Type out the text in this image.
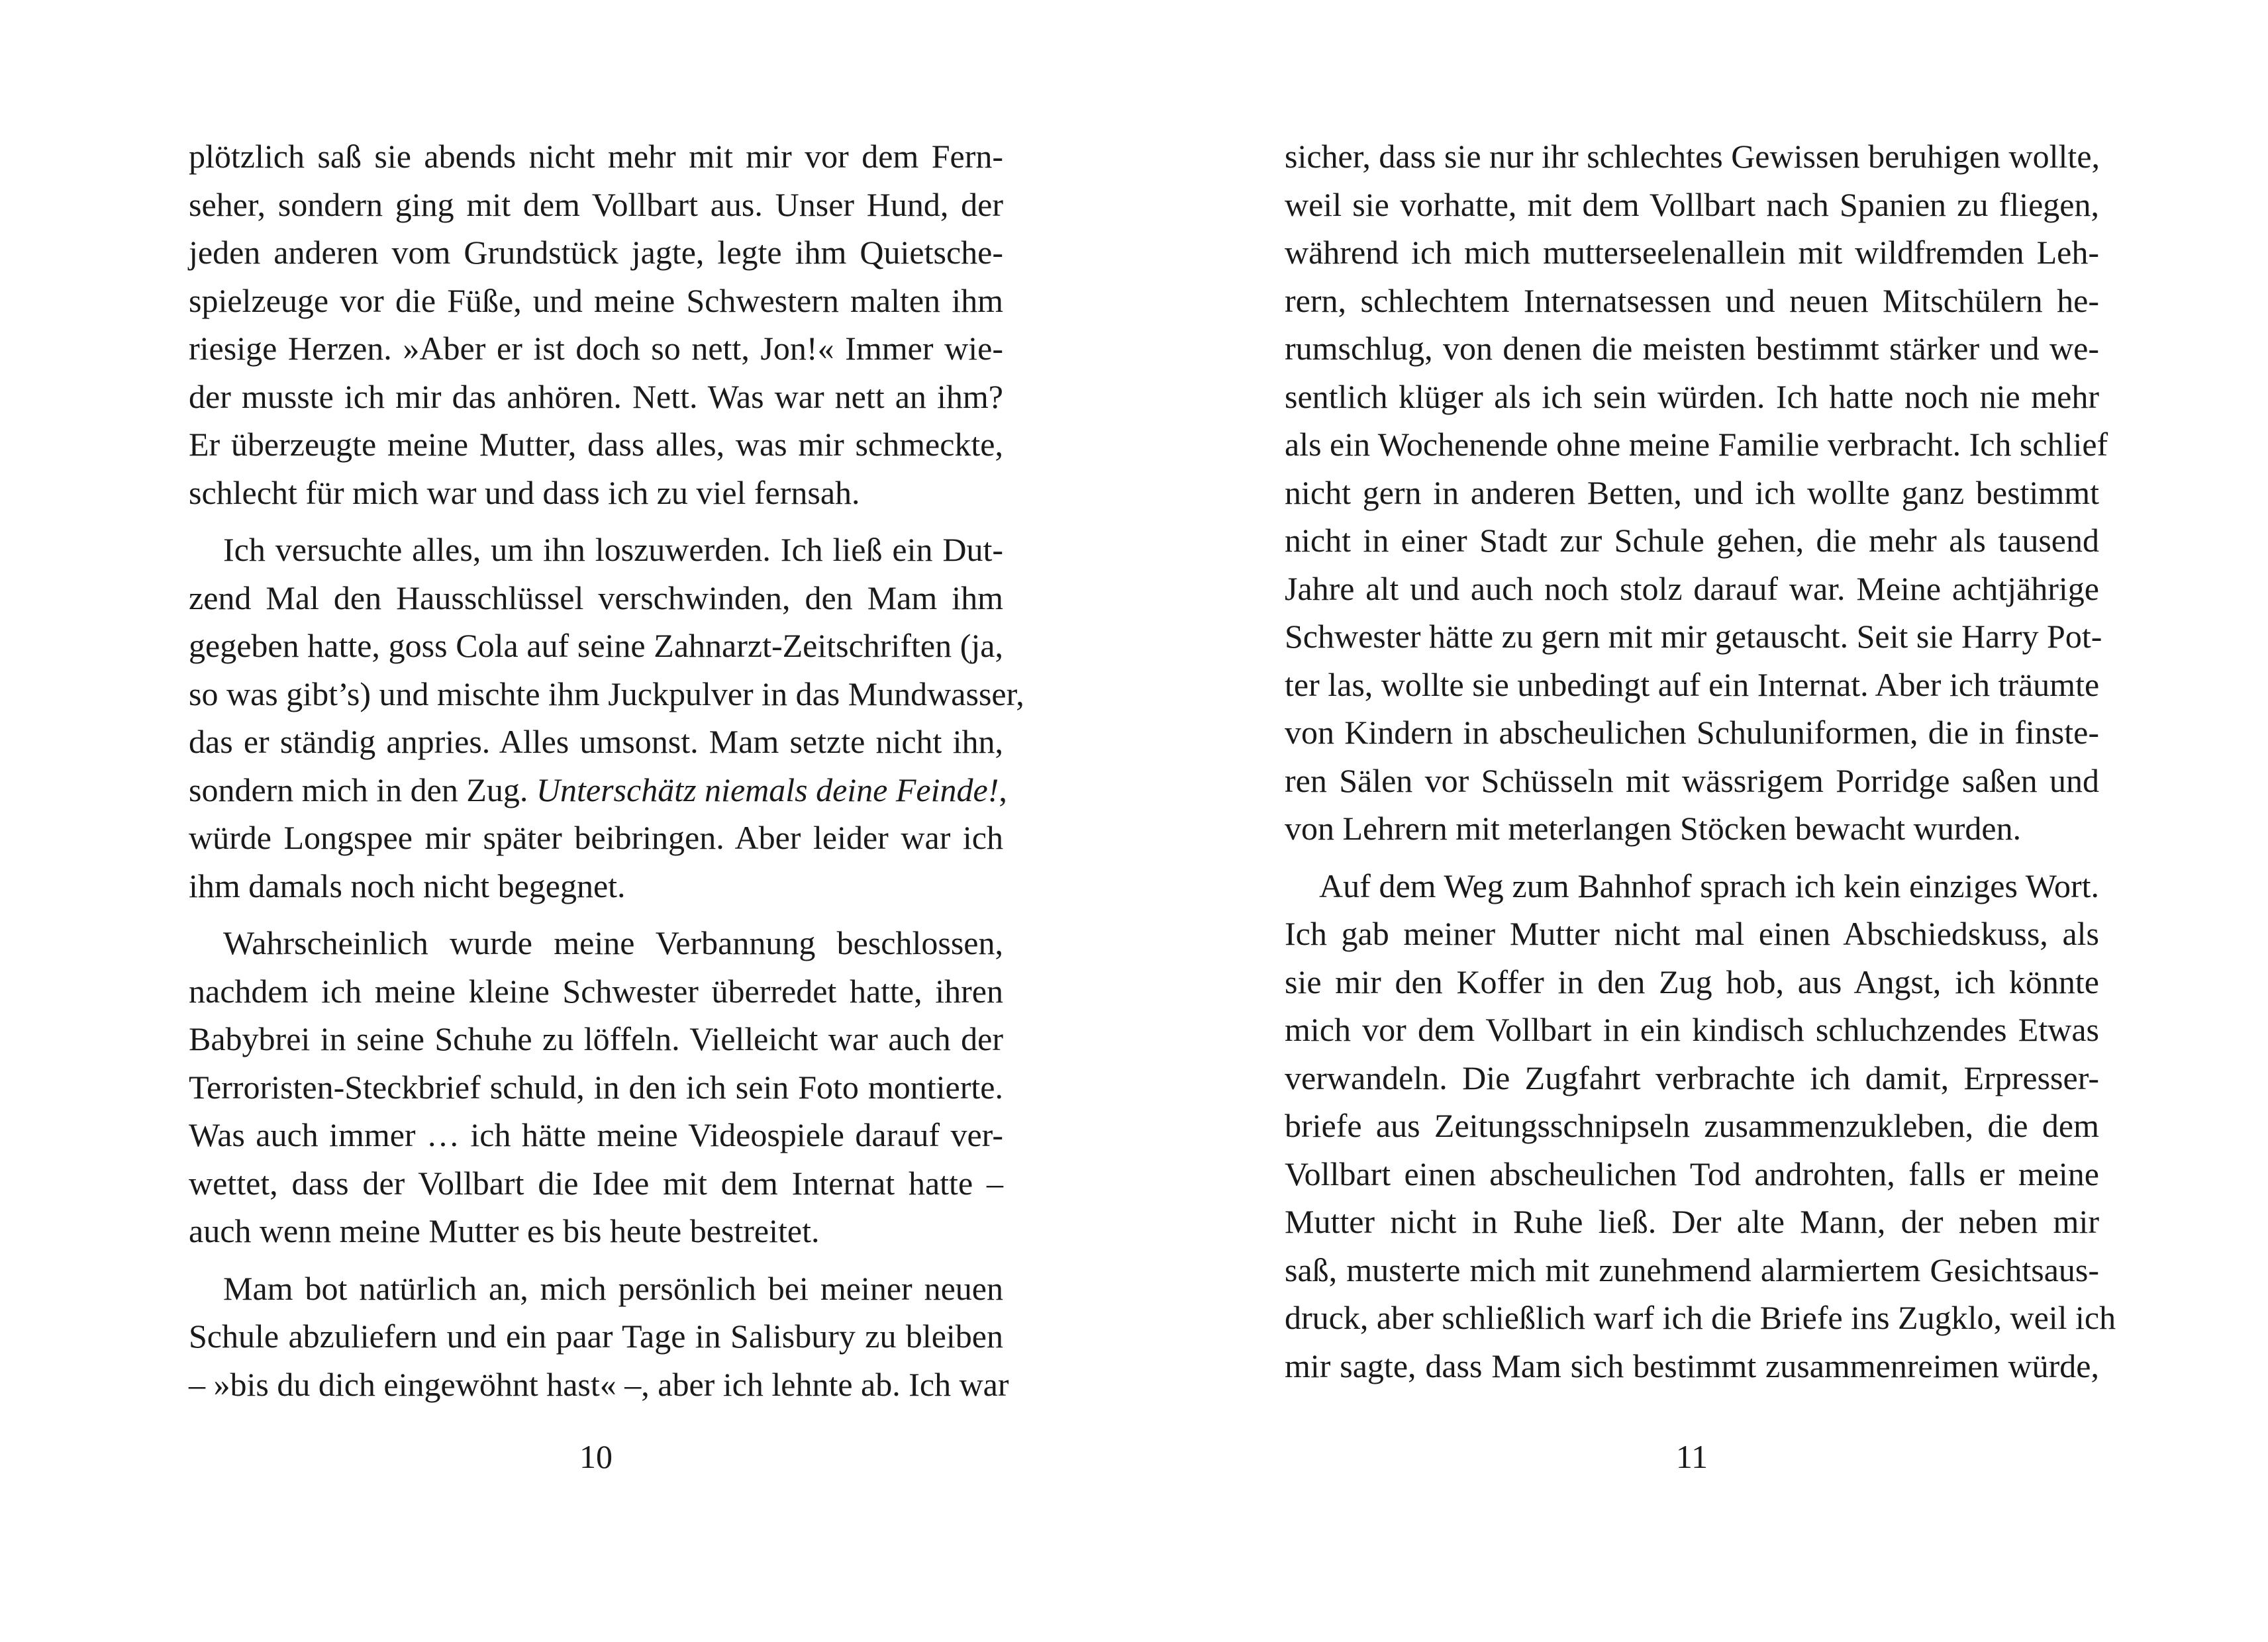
plötzlich saß sie abends nicht mehr mit mir vor dem Fern-
seher, sondern ging mit dem Vollbart aus. Unser Hund, der
jeden anderen vom Grundstück jagte, legte ihm Quietsche-
spielzeuge vor die Füße, und meine Schwestern malten ihm
riesige Herzen. »Aber er ist doch so nett, Jon!« Immer wie-
der musste ich mir das anhören. Nett. Was war nett an ihm?
Er überzeugte meine Mutter, dass alles, was mir schmeckte,
schlecht für mich war und dass ich zu viel fernsah.
Ich versuchte alles, um ihn loszuwerden. Ich ließ ein Dut-
zend Mal den Hausschlüssel verschwinden, den Mam ihm
gegeben hatte, goss Cola auf seine Zahnarzt-Zeitschriften (ja,
so was gibt’s) und mischte ihm Juckpulver in das Mundwasser,
das er ständig anpries. Alles umsonst. Mam setzte nicht ihn,
sondern mich in den Zug. Unterschätz niemals deine Feinde!,
würde Longspee mir später beibringen. Aber leider war ich
ihm damals noch nicht begegnet.
Wahrscheinlich wurde meine Verbannung beschlossen,
nachdem ich meine kleine Schwester überredet hatte, ihren
Babybrei in seine Schuhe zu löffeln. Vielleicht war auch der
Terroristen-Steckbrief schuld, in den ich sein Foto montierte.
Was auch immer … ich hätte meine Videospiele darauf ver-
wettet, dass der Vollbart die Idee mit dem Internat hatte –
auch wenn meine Mutter es bis heute bestreitet.
Mam bot natürlich an, mich persönlich bei meiner neuen
Schule abzuliefern und ein paar Tage in Salisbury zu bleiben
– »bis du dich eingewöhnt hast« –, aber ich lehnte ab. Ich war
10
sicher, dass sie nur ihr schlechtes Gewissen beruhigen wollte,
weil sie vorhatte, mit dem Vollbart nach Spanien zu fliegen,
während ich mich mutterseelenallein mit wildfremden Leh-
rern, schlechtem Internatsessen und neuen Mitschülern he-
rumschlug, von denen die meisten bestimmt stärker und we-
sentlich klüger als ich sein würden. Ich hatte noch nie mehr
als ein Wochenende ohne meine Familie verbracht. Ich schlief
nicht gern in anderen Betten, und ich wollte ganz bestimmt
nicht in einer Stadt zur Schule gehen, die mehr als tausend
Jahre alt und auch noch stolz darauf war. Meine achtjährige
Schwester hätte zu gern mit mir getauscht. Seit sie Harry Pot-
ter las, wollte sie unbedingt auf ein Internat. Aber ich träumte
von Kindern in abscheulichen Schuluniformen, die in finste-
ren Sälen vor Schüsseln mit wässrigem Porridge saßen und
von Lehrern mit meterlangen Stöcken bewacht wurden.
Auf dem Weg zum Bahnhof sprach ich kein einziges Wort.
Ich gab meiner Mutter nicht mal einen Abschiedskuss, als
sie mir den Koffer in den Zug hob, aus Angst, ich könnte
mich vor dem Vollbart in ein kindisch schluchzendes Etwas
verwandeln. Die Zugfahrt verbrachte ich damit, Erpresser-
briefe aus Zeitungsschnipseln zusammenzukleben, die dem
Vollbart einen abscheulichen Tod androhten, falls er meine
Mutter nicht in Ruhe ließ. Der alte Mann, der neben mir
saß, musterte mich mit zunehmend alarmiertem Gesichtsaus-
druck, aber schließlich warf ich die Briefe ins Zugklo, weil ich
mir sagte, dass Mam sich bestimmt zusammenreimen würde,
11
